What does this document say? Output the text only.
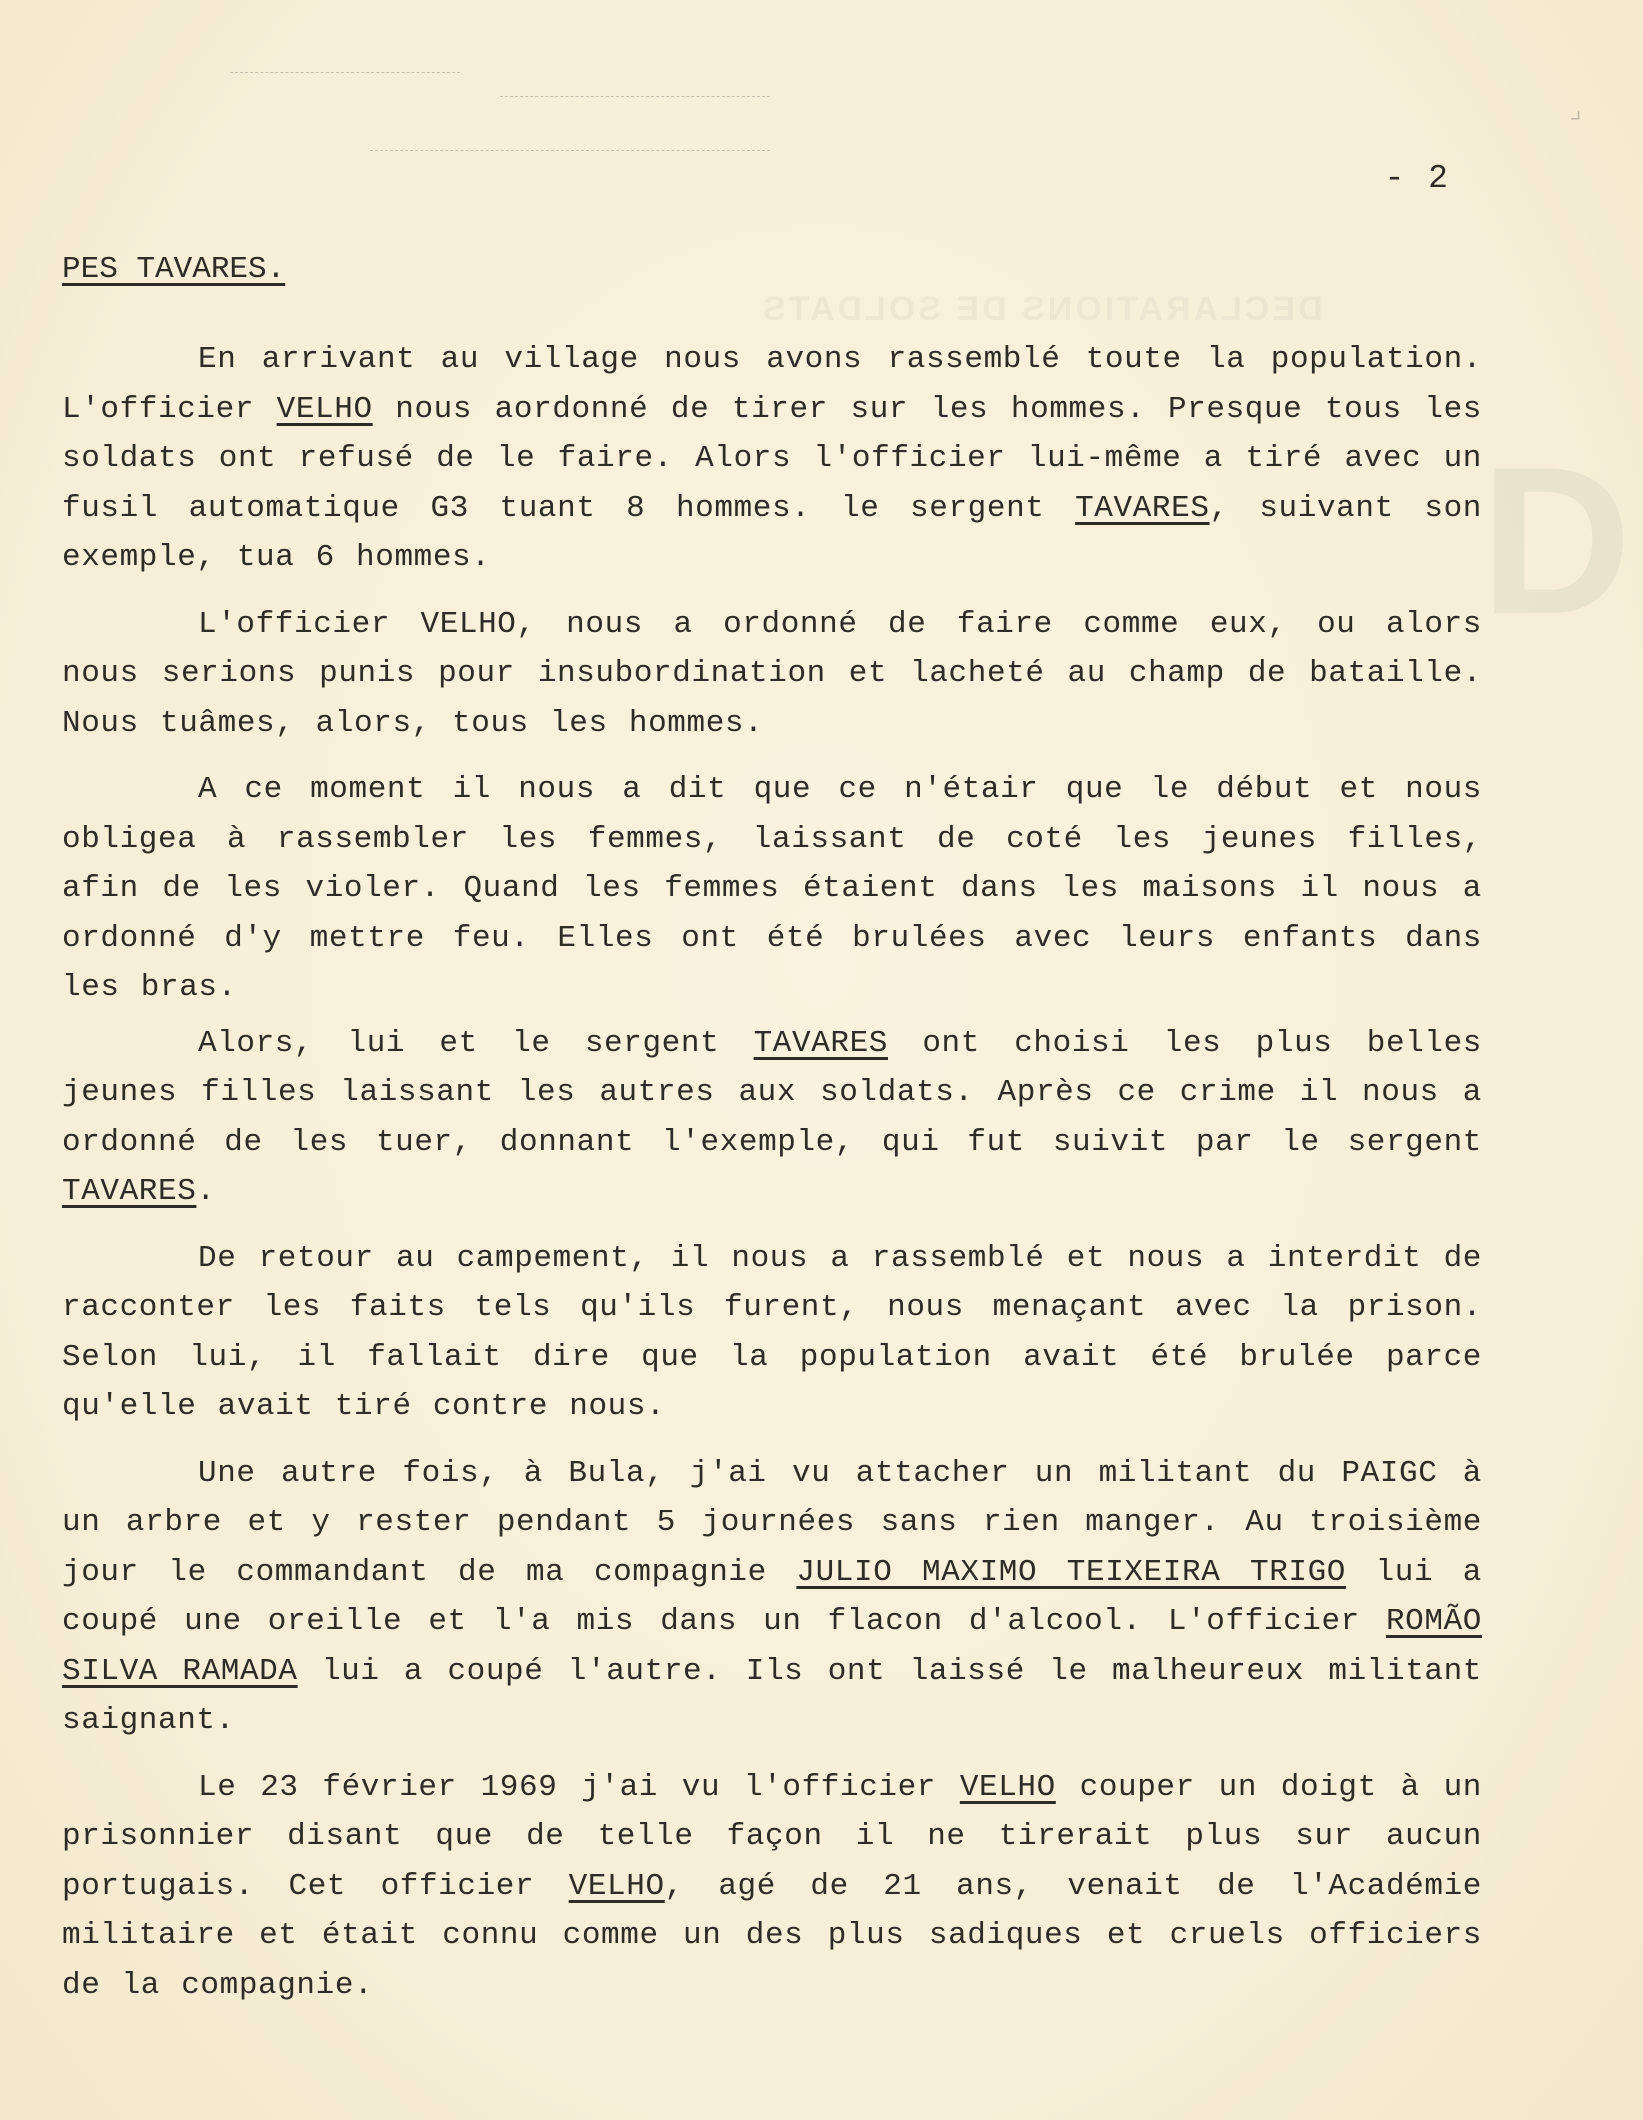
D
⌟
- 2
PES TAVARES.

En arrivant au village nous avons rassemblé toute la population. L'officier VELHO nous aordonné de tirer sur les hommes. Presque tous les soldats ont refusé de le faire. Alors l'officier lui-même a tiré avec un fusil automatique G3 tuant 8 hommes. le sergent TAVARES, suivant son exemple, tua 6 hommes.

L'officier VELHO, nous a ordonné de faire comme eux, ou alors nous serions punis pour insubordination et lacheté au champ de bataille. Nous tuâmes, alors, tous les hommes.

A ce moment il nous a dit que ce n'étair que le début et nous obligea à rassembler les femmes, laissant de coté les jeunes filles, afin de les violer. Quand les femmes étaient dans les maisons il nous a ordonné d'y mettre feu. Elles ont été brulées avec leurs enfants dans les bras.

Alors, lui et le sergent TAVARES ont choisi les plus belles jeunes filles laissant les autres aux soldats. Après ce crime il nous a ordonné de les tuer, donnant l'exemple, qui fut suivit par le sergent TAVARES.

De retour au campement, il nous a rassemblé et nous a interdit de racconter les faits tels qu'ils furent, nous menaçant avec la prison. Selon lui, il fallait dire que la population avait été brulée parce qu'elle avait tiré contre nous.

Une autre fois, à Bula, j'ai vu attacher un militant du PAIGC à un arbre et y rester pendant 5 journées sans rien manger. Au troisième jour le commandant de ma compagnie JULIO MAXIMO TEIXEIRA TRIGO lui a coupé une oreille et l'a mis dans un flacon d'alcool. L'officier ROMÃO SILVA RAMADA lui a coupé l'autre. Ils ont laissé le malheureux militant saignant.

Le 23 février 1969 j'ai vu l'officier VELHO couper un doigt à un prisonnier disant que de telle façon il ne tirerait plus sur aucun portugais. Cet officier VELHO, agé de 21 ans, venait de l'Académie militaire et était connu comme un des plus sadiques et cruels officiers de la compagnie.
